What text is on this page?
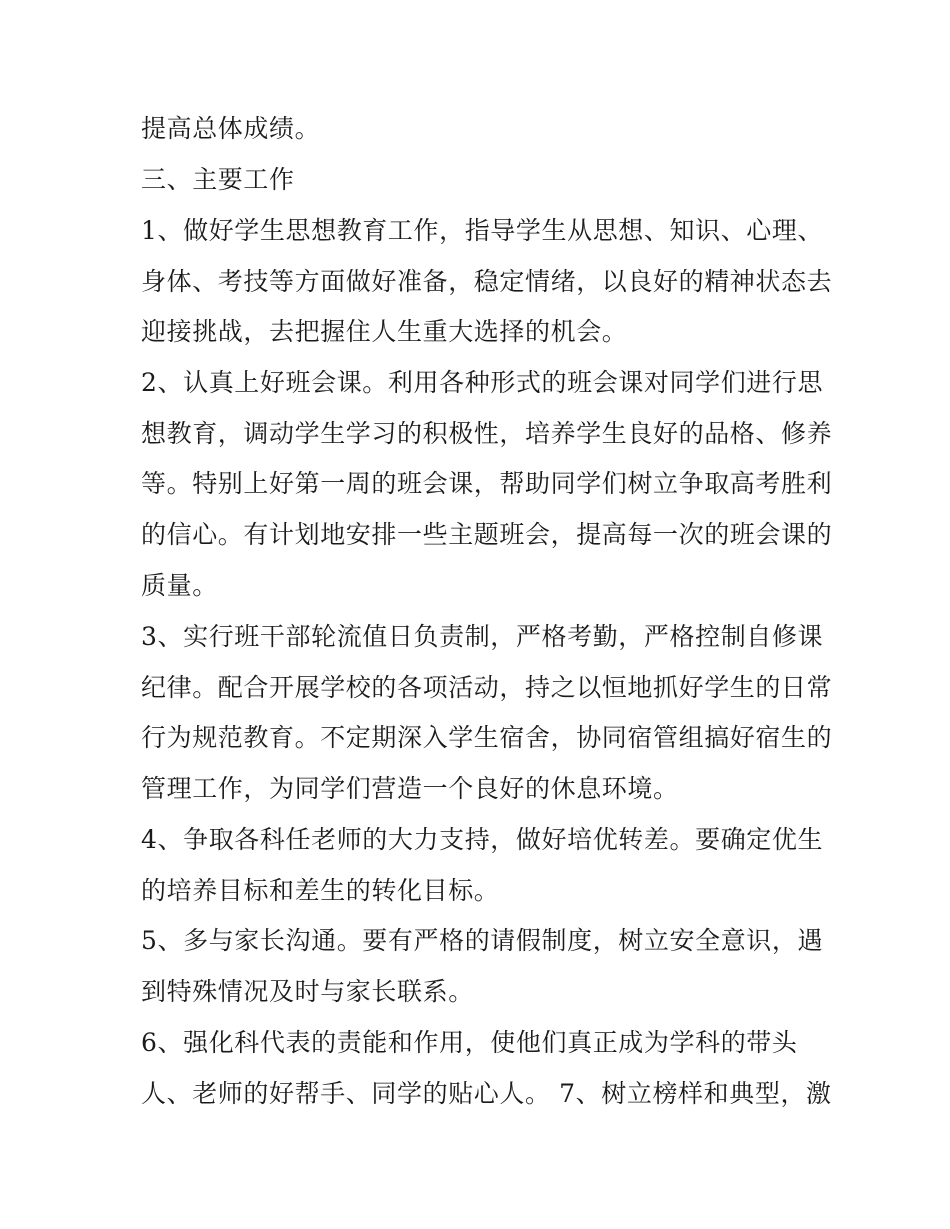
提高总体成绩。

三、主要工作

1、做好学生思想教育工作，指导学生从思想、知识、心理、

身体、考技等方面做好准备，稳定情绪，以良好的精神状态去

迎接挑战，去把握住人生重大选择的机会。

2、认真上好班会课。利用各种形式的班会课对同学们进行思

想教育，调动学生学习的积极性，培养学生良好的品格、修养

等。特别上好第一周的班会课，帮助同学们树立争取高考胜利

的信心。有计划地安排一些主题班会，提高每一次的班会课的

质量。

3、实行班干部轮流值日负责制，严格考勤，严格控制自修课

纪律。配合开展学校的各项活动，持之以恒地抓好学生的日常

行为规范教育。不定期深入学生宿舍，协同宿管组搞好宿生的

管理工作，为同学们营造一个良好的休息环境。

4、争取各科任老师的大力支持，做好培优转差。要确定优生

的培养目标和差生的转化目标。

5、多与家长沟通。要有严格的请假制度，树立安全意识，遇

到特殊情况及时与家长联系。

6、强化科代表的责能和作用，使他们真正成为学科的带头

人、老师的好帮手、同学的贴心人。 7、树立榜样和典型，激
